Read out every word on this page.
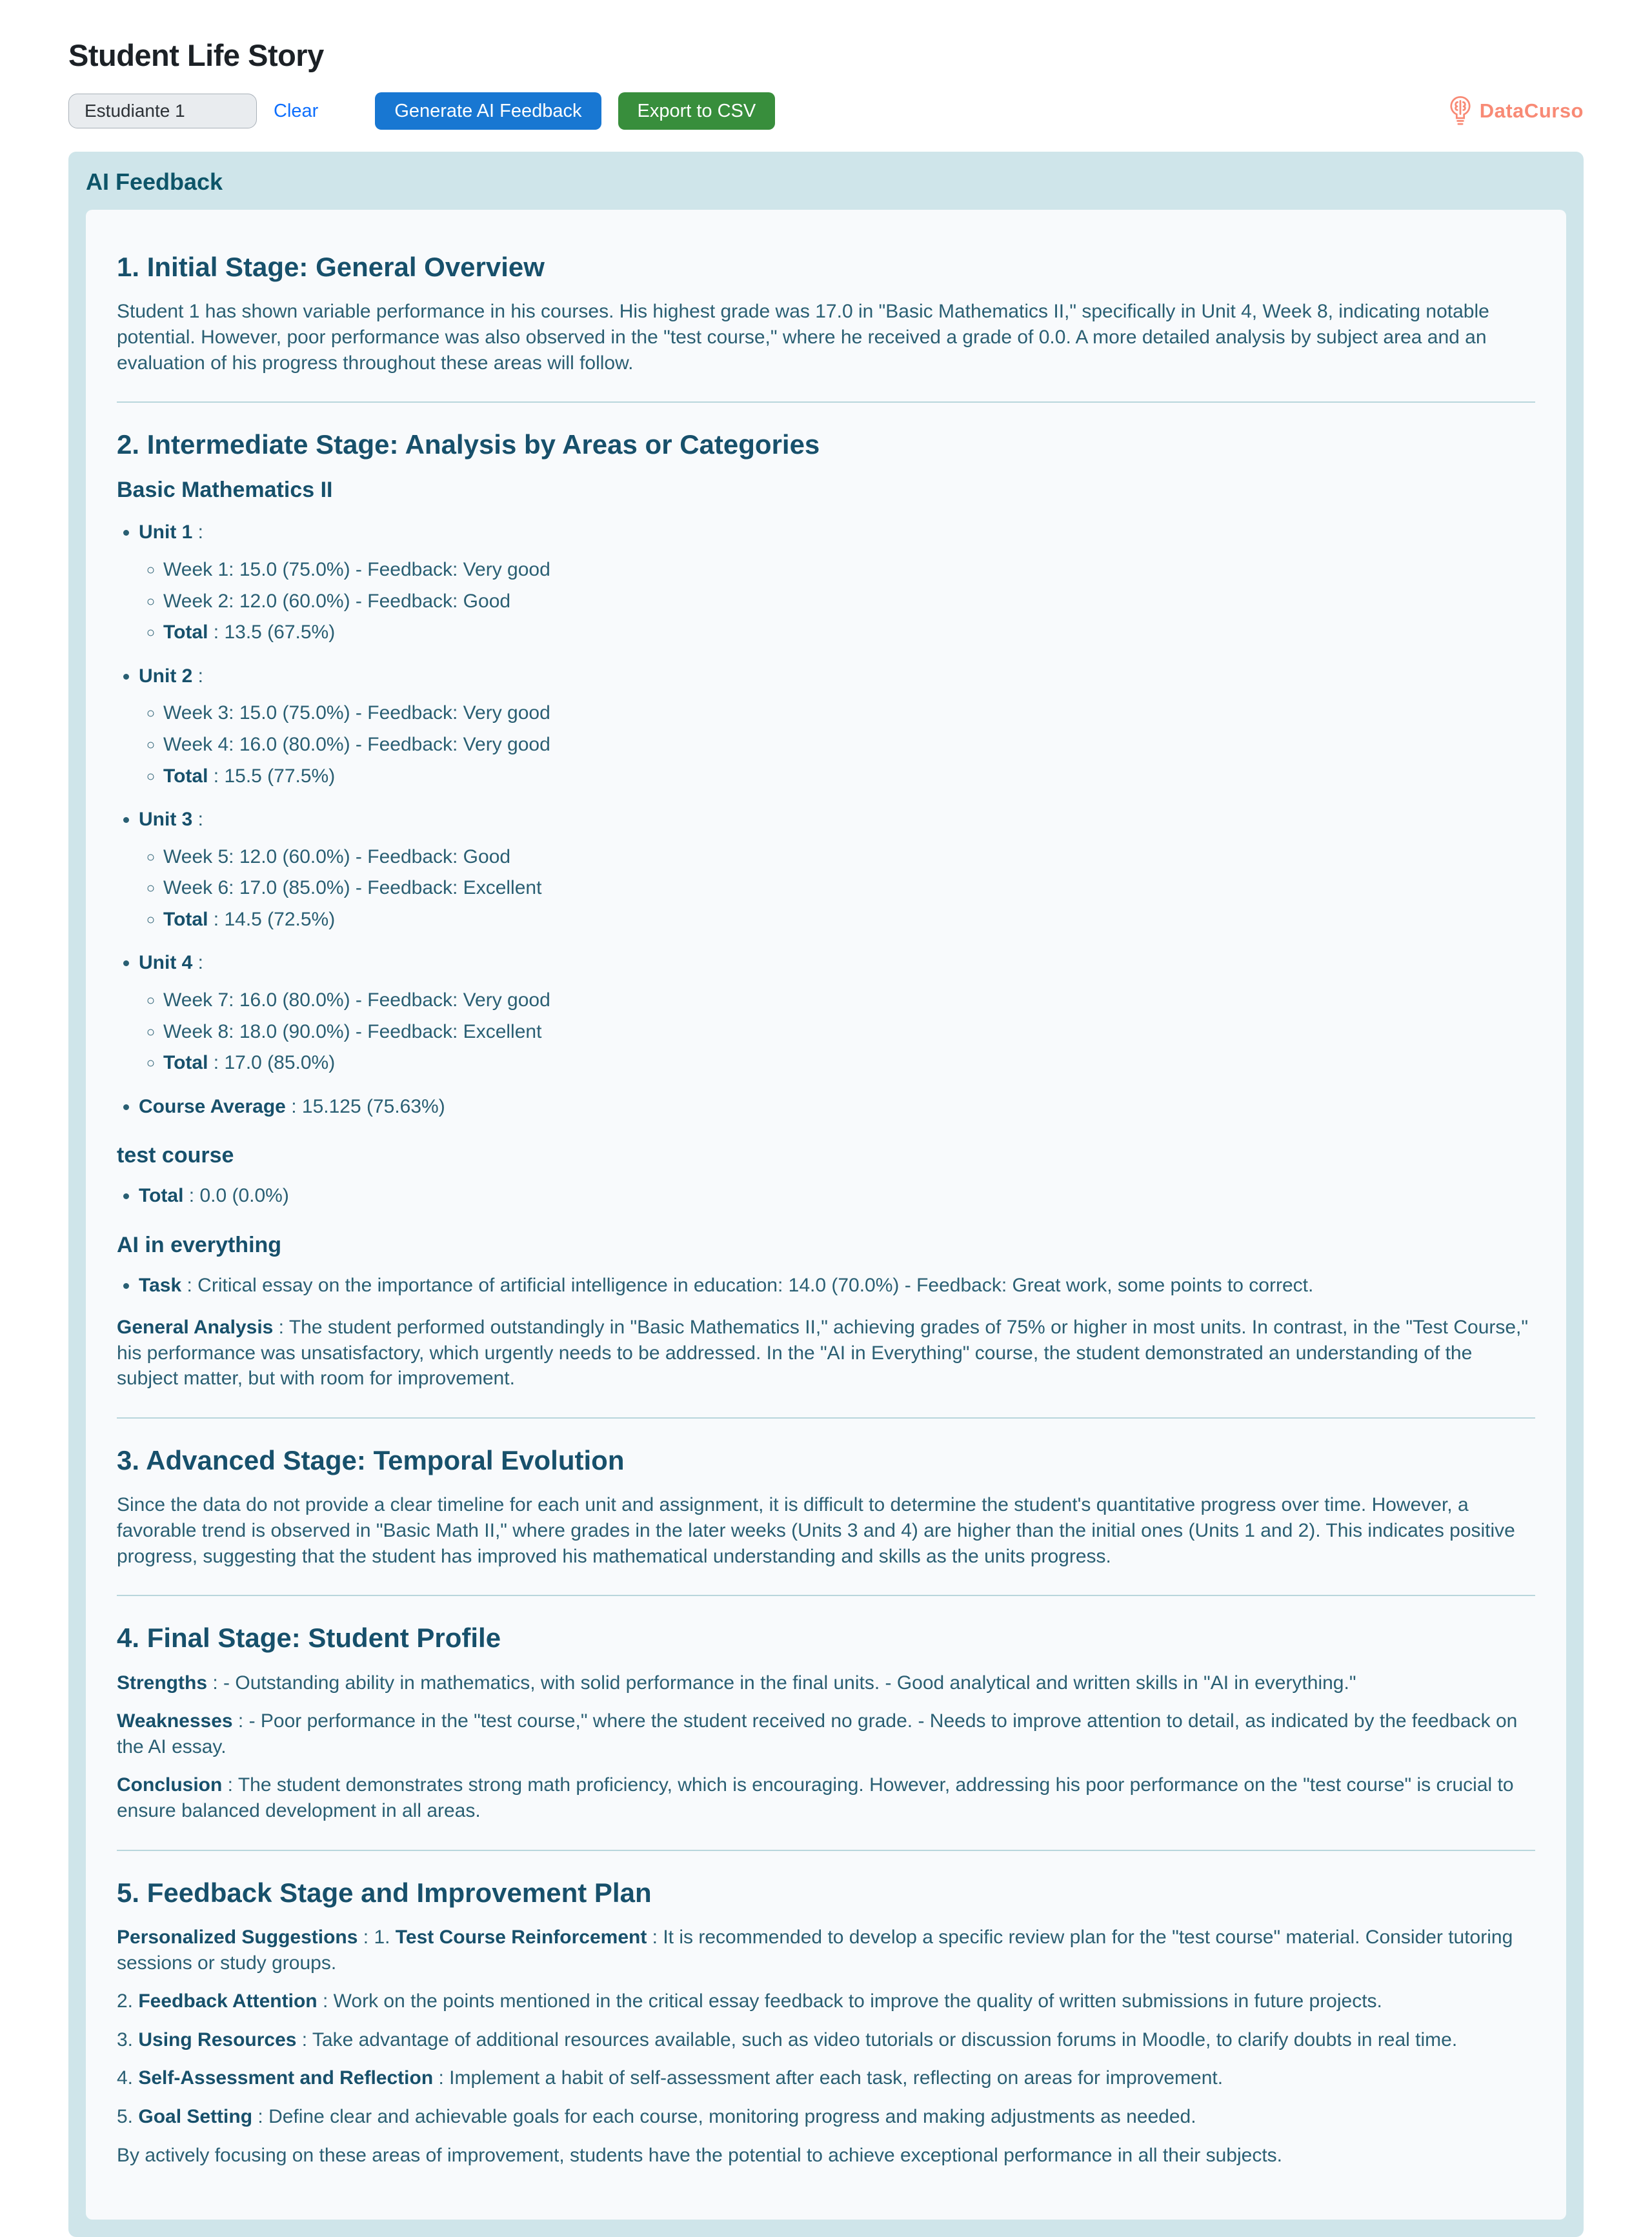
Student Life Story
Estudiante 1	Clear	Generate AI Feedback	Export to CSV	DataCurso
AI Feedback
1. Initial Stage: General Overview

Student 1 has shown variable performance in his courses. His highest grade was 17.0 in "Basic Mathematics II," specifically in Unit 4, Week 8, indicating notable potential. However, poor performance was also observed in the "test course," where he received a grade of 0.0. A more detailed analysis by subject area and an evaluation of his progress throughout these areas will follow.

2. Intermediate Stage: Analysis by Areas or Categories
Basic Mathematics II
• Unit 1 :
◦ Week 1: 15.0 (75.0%) - Feedback: Very good
◦ Week 2: 12.0 (60.0%) - Feedback: Good
◦ Total : 13.5 (67.5%)
• Unit 2 :
◦ Week 3: 15.0 (75.0%) - Feedback: Very good
◦ Week 4: 16.0 (80.0%) - Feedback: Very good
◦ Total : 15.5 (77.5%)
• Unit 3 :
◦ Week 5: 12.0 (60.0%) - Feedback: Good
◦ Week 6: 17.0 (85.0%) - Feedback: Excellent
◦ Total : 14.5 (72.5%)
• Unit 4 :
◦ Week 7: 16.0 (80.0%) - Feedback: Very good
◦ Week 8: 18.0 (90.0%) - Feedback: Excellent
◦ Total : 17.0 (85.0%)
• Course Average : 15.125 (75.63%)
test course
• Total : 0.0 (0.0%)
AI in everything
• Task : Critical essay on the importance of artificial intelligence in education: 14.0 (70.0%) - Feedback: Great work, some points to correct.

General Analysis : The student performed outstandingly in "Basic Mathematics II," achieving grades of 75% or higher in most units. In contrast, in the "Test Course," his performance was unsatisfactory, which urgently needs to be addressed. In the "AI in Everything" course, the student demonstrated an understanding of the subject matter, but with room for improvement.

3. Advanced Stage: Temporal Evolution

Since the data do not provide a clear timeline for each unit and assignment, it is difficult to determine the student's quantitative progress over time. However, a favorable trend is observed in "Basic Math II," where grades in the later weeks (Units 3 and 4) are higher than the initial ones (Units 1 and 2). This indicates positive progress, suggesting that the student has improved his mathematical understanding and skills as the units progress.

4. Final Stage: Student Profile

Strengths : - Outstanding ability in mathematics, with solid performance in the final units. - Good analytical and written skills in "AI in everything."

Weaknesses : - Poor performance in the "test course," where the student received no grade. - Needs to improve attention to detail, as indicated by the feedback on the AI essay.

Conclusion : The student demonstrates strong math proficiency, which is encouraging. However, addressing his poor performance on the "test course" is crucial to ensure balanced development in all areas.

5. Feedback Stage and Improvement Plan

Personalized Suggestions : 1. Test Course Reinforcement : It is recommended to develop a specific review plan for the "test course" material. Consider tutoring sessions or study groups.

2. Feedback Attention : Work on the points mentioned in the critical essay feedback to improve the quality of written submissions in future projects.

3. Using Resources : Take advantage of additional resources available, such as video tutorials or discussion forums in Moodle, to clarify doubts in real time.

4. Self-Assessment and Reflection : Implement a habit of self-assessment after each task, reflecting on areas for improvement.

5. Goal Setting : Define clear and achievable goals for each course, monitoring progress and making adjustments as needed.

By actively focusing on these areas of improvement, students have the potential to achieve exceptional performance in all their subjects.
